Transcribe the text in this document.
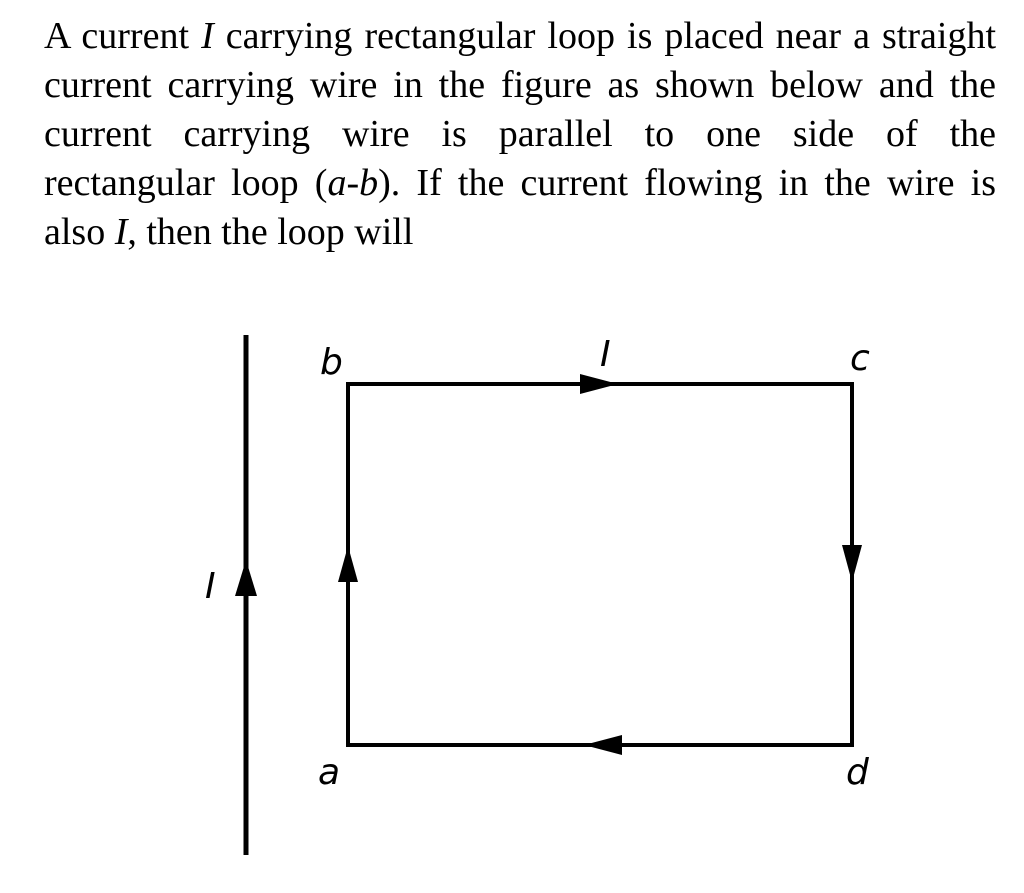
A current I carrying rectangular loop is placed near a straight
current carrying wire in the figure as shown below and the
current carrying wire is parallel to one side of the
rectangular loop (a-b). If the current flowing in the wire is
also I, then the loop will
I
I
b	c
a	d
